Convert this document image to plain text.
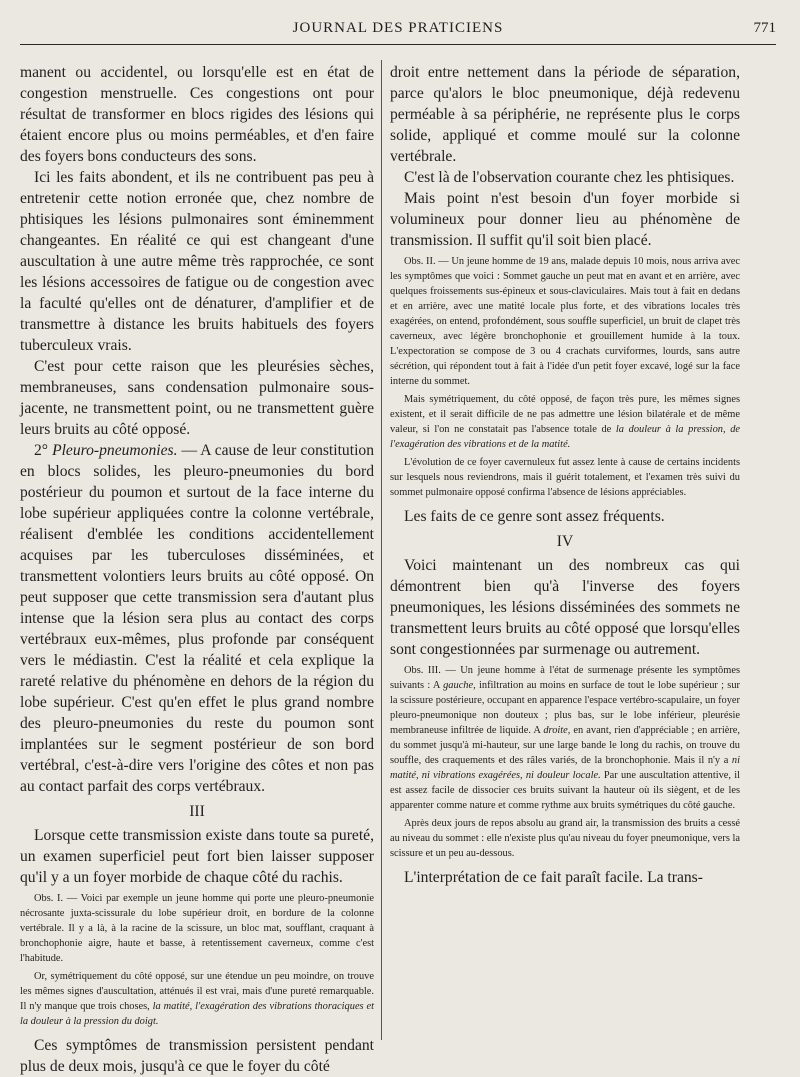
JOURNAL DES PRATICIENS	771

manent ou accidentel, ou lorsqu'elle est en état de congestion menstruelle. Ces congestions ont pour résultat de transformer en blocs rigides des lésions qui étaient encore plus ou moins perméables, et d'en faire des foyers bons conducteurs des sons.

Ici les faits abondent, et ils ne contribuent pas peu à entretenir cette notion erronée que, chez nombre de phtisiques les lésions pulmonaires sont éminemment changeantes. En réalité ce qui est changeant d'une auscultation à une autre même très rapprochée, ce sont les lésions accessoires de fatigue ou de congestion avec la faculté qu'elles ont de dénaturer, d'amplifier et de transmettre à distance les bruits habituels des foyers tuberculeux vrais.

C'est pour cette raison que les pleurésies sèches, membraneuses, sans condensation pulmonaire sous-jacente, ne transmettent point, ou ne transmettent guère leurs bruits au côté opposé.

2° Pleuro-pneumonies. — A cause de leur constitution en blocs solides, les pleuro-pneumonies du bord postérieur du poumon et surtout de la face interne du lobe supérieur appliquées contre la colonne vertébrale, réalisent d'emblée les conditions accidentellement acquises par les tuberculoses disséminées, et transmettent volontiers leurs bruits au côté opposé. On peut supposer que cette transmission sera d'autant plus intense que la lésion sera plus au contact des corps vertébraux eux-mêmes, plus profonde par conséquent vers le médiastin. C'est la réalité et cela explique la rareté relative du phénomène en dehors de la région du lobe supérieur. C'est qu'en effet le plus grand nombre des pleuro-pneumonies du reste du poumon sont implantées sur le segment postérieur de son bord vertébral, c'est-à-dire vers l'origine des côtes et non pas au contact parfait des corps vertébraux.

III

Lorsque cette transmission existe dans toute sa pureté, un examen superficiel peut fort bien laisser supposer qu'il y a un foyer morbide de chaque côté du rachis.

Obs. I. — Voici par exemple un jeune homme qui porte une pleuro-pneumonie nécrosante juxta-scissurale du lobe supérieur droit, en bordure de la colonne vertébrale. Il y a là, à la racine de la scissure, un bloc mat, soufflant, craquant à bronchophonie aigre, haute et basse, à retentissement caverneux, comme c'est l'habitude.

Or, symétriquement du côté opposé, sur une étendue un peu moindre, on trouve les mêmes signes d'auscultation, atténués il est vrai, mais d'une pureté remarquable. Il n'y manque que trois choses, la matité, l'exagération des vibrations thoraciques et la douleur à la pression du doigt.

Ces symptômes de transmission persistent pendant plus de deux mois, jusqu'à ce que le foyer du côté

droit entre nettement dans la période de séparation, parce qu'alors le bloc pneumonique, déjà redevenu perméable à sa périphérie, ne représente plus le corps solide, appliqué et comme moulé sur la colonne vertébrale.

C'est là de l'observation courante chez les phtisiques.

Mais point n'est besoin d'un foyer morbide si volumineux pour donner lieu au phénomène de transmission. Il suffit qu'il soit bien placé.

Obs. II. — Un jeune homme de 19 ans, malade depuis 10 mois, nous arriva avec les symptômes que voici : Sommet gauche un peut mat en avant et en arrière, avec quelques froissements sus-épineux et sous-claviculaires. Mais tout à fait en dedans et en arrière, avec une matité locale plus forte, et des vibrations locales très exagérées, on entend, profondément, sous souffle superficiel, un bruit de clapet très caverneux, avec légère bronchophonie et grouillement humide à la toux. L'expectoration se compose de 3 ou 4 crachats curviformes, lourds, sans autre sécrétion, qui répondent tout à fait à l'idée d'un petit foyer excavé, logé sur la face interne du sommet.

Mais symétriquement, du côté opposé, de façon très pure, les mêmes signes existent, et il serait difficile de ne pas admettre une lésion bilatérale et de même valeur, si l'on ne constatait pas l'absence totale de la douleur à la pression, de l'exagération des vibrations et de la matité.

L'évolution de ce foyer cavernuleux fut assez lente à cause de certains incidents sur lesquels nous reviendrons, mais il guérit totalement, et l'examen très suivi du sommet pulmonaire opposé confirma l'absence de lésions appréciables.

Les faits de ce genre sont assez fréquents.

IV

Voici maintenant un des nombreux cas qui démontrent bien qu'à l'inverse des foyers pneumoniques, les lésions disséminées des sommets ne transmettent leurs bruits au côté opposé que lorsqu'elles sont congestionnées par surmenage ou autrement.

Obs. III. — Un jeune homme à l'état de surmenage présente les symptômes suivants : A gauche, infiltration au moins en surface de tout le lobe supérieur ; sur la scissure postérieure, occupant en apparence l'espace vertébro-scapulaire, un foyer pleuro-pneumonique non douteux ; plus bas, sur le lobe inférieur, pleurésie membraneuse infiltrée de liquide. A droite, en avant, rien d'appréciable ; en arrière, du sommet jusqu'à mi-hauteur, sur une large bande le long du rachis, on trouve du souffle, des craquements et des râles variés, de la bronchophonie. Mais il n'y a ni matité, ni vibrations exagérées, ni douleur locale. Par une auscultation attentive, il est assez facile de dissocier ces bruits suivant la hauteur où ils siègent, et de les apparenter comme nature et comme rythme aux bruits symétriques du côté gauche.

Après deux jours de repos absolu au grand air, la transmission des bruits a cessé au niveau du sommet : elle n'existe plus qu'au niveau du foyer pneumonique, vers la scissure et un peu au-dessous.

L'interprétation de ce fait paraît facile. La trans-
